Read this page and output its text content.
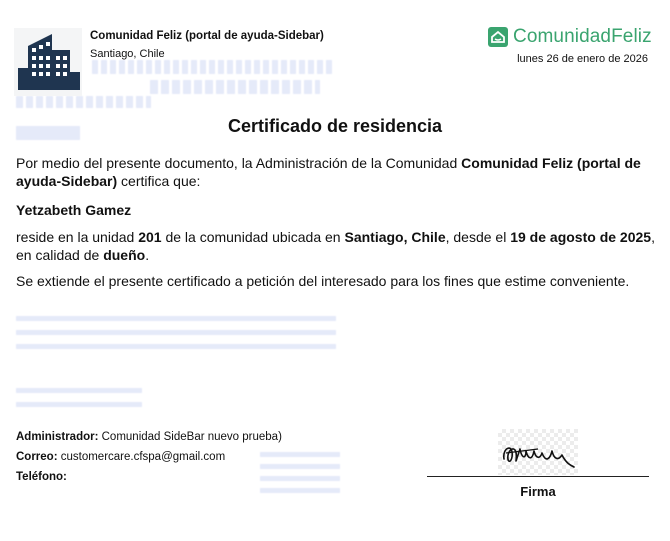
Comunidad Feliz (portal de ayuda-Sidebar)
Santiago, Chile
ComunidadFeliz
lunes 26 de enero de 2026
Certificado de residencia
Por medio del presente documento, la Administración de la Comunidad Comunidad Feliz (portal de ayuda-Sidebar) certifica que:
Yetzabeth Gamez
reside en la unidad 201 de la comunidad ubicada en Santiago, Chile, desde el 19 de agosto de 2025, en calidad de dueño.
Se extiende el presente certificado a petición del interesado para los fines que estime conveniente.
Administrador: Comunidad SideBar nuevo prueba)
Correo: customercare.cfspa@gmail.com
Teléfono:
Firma
